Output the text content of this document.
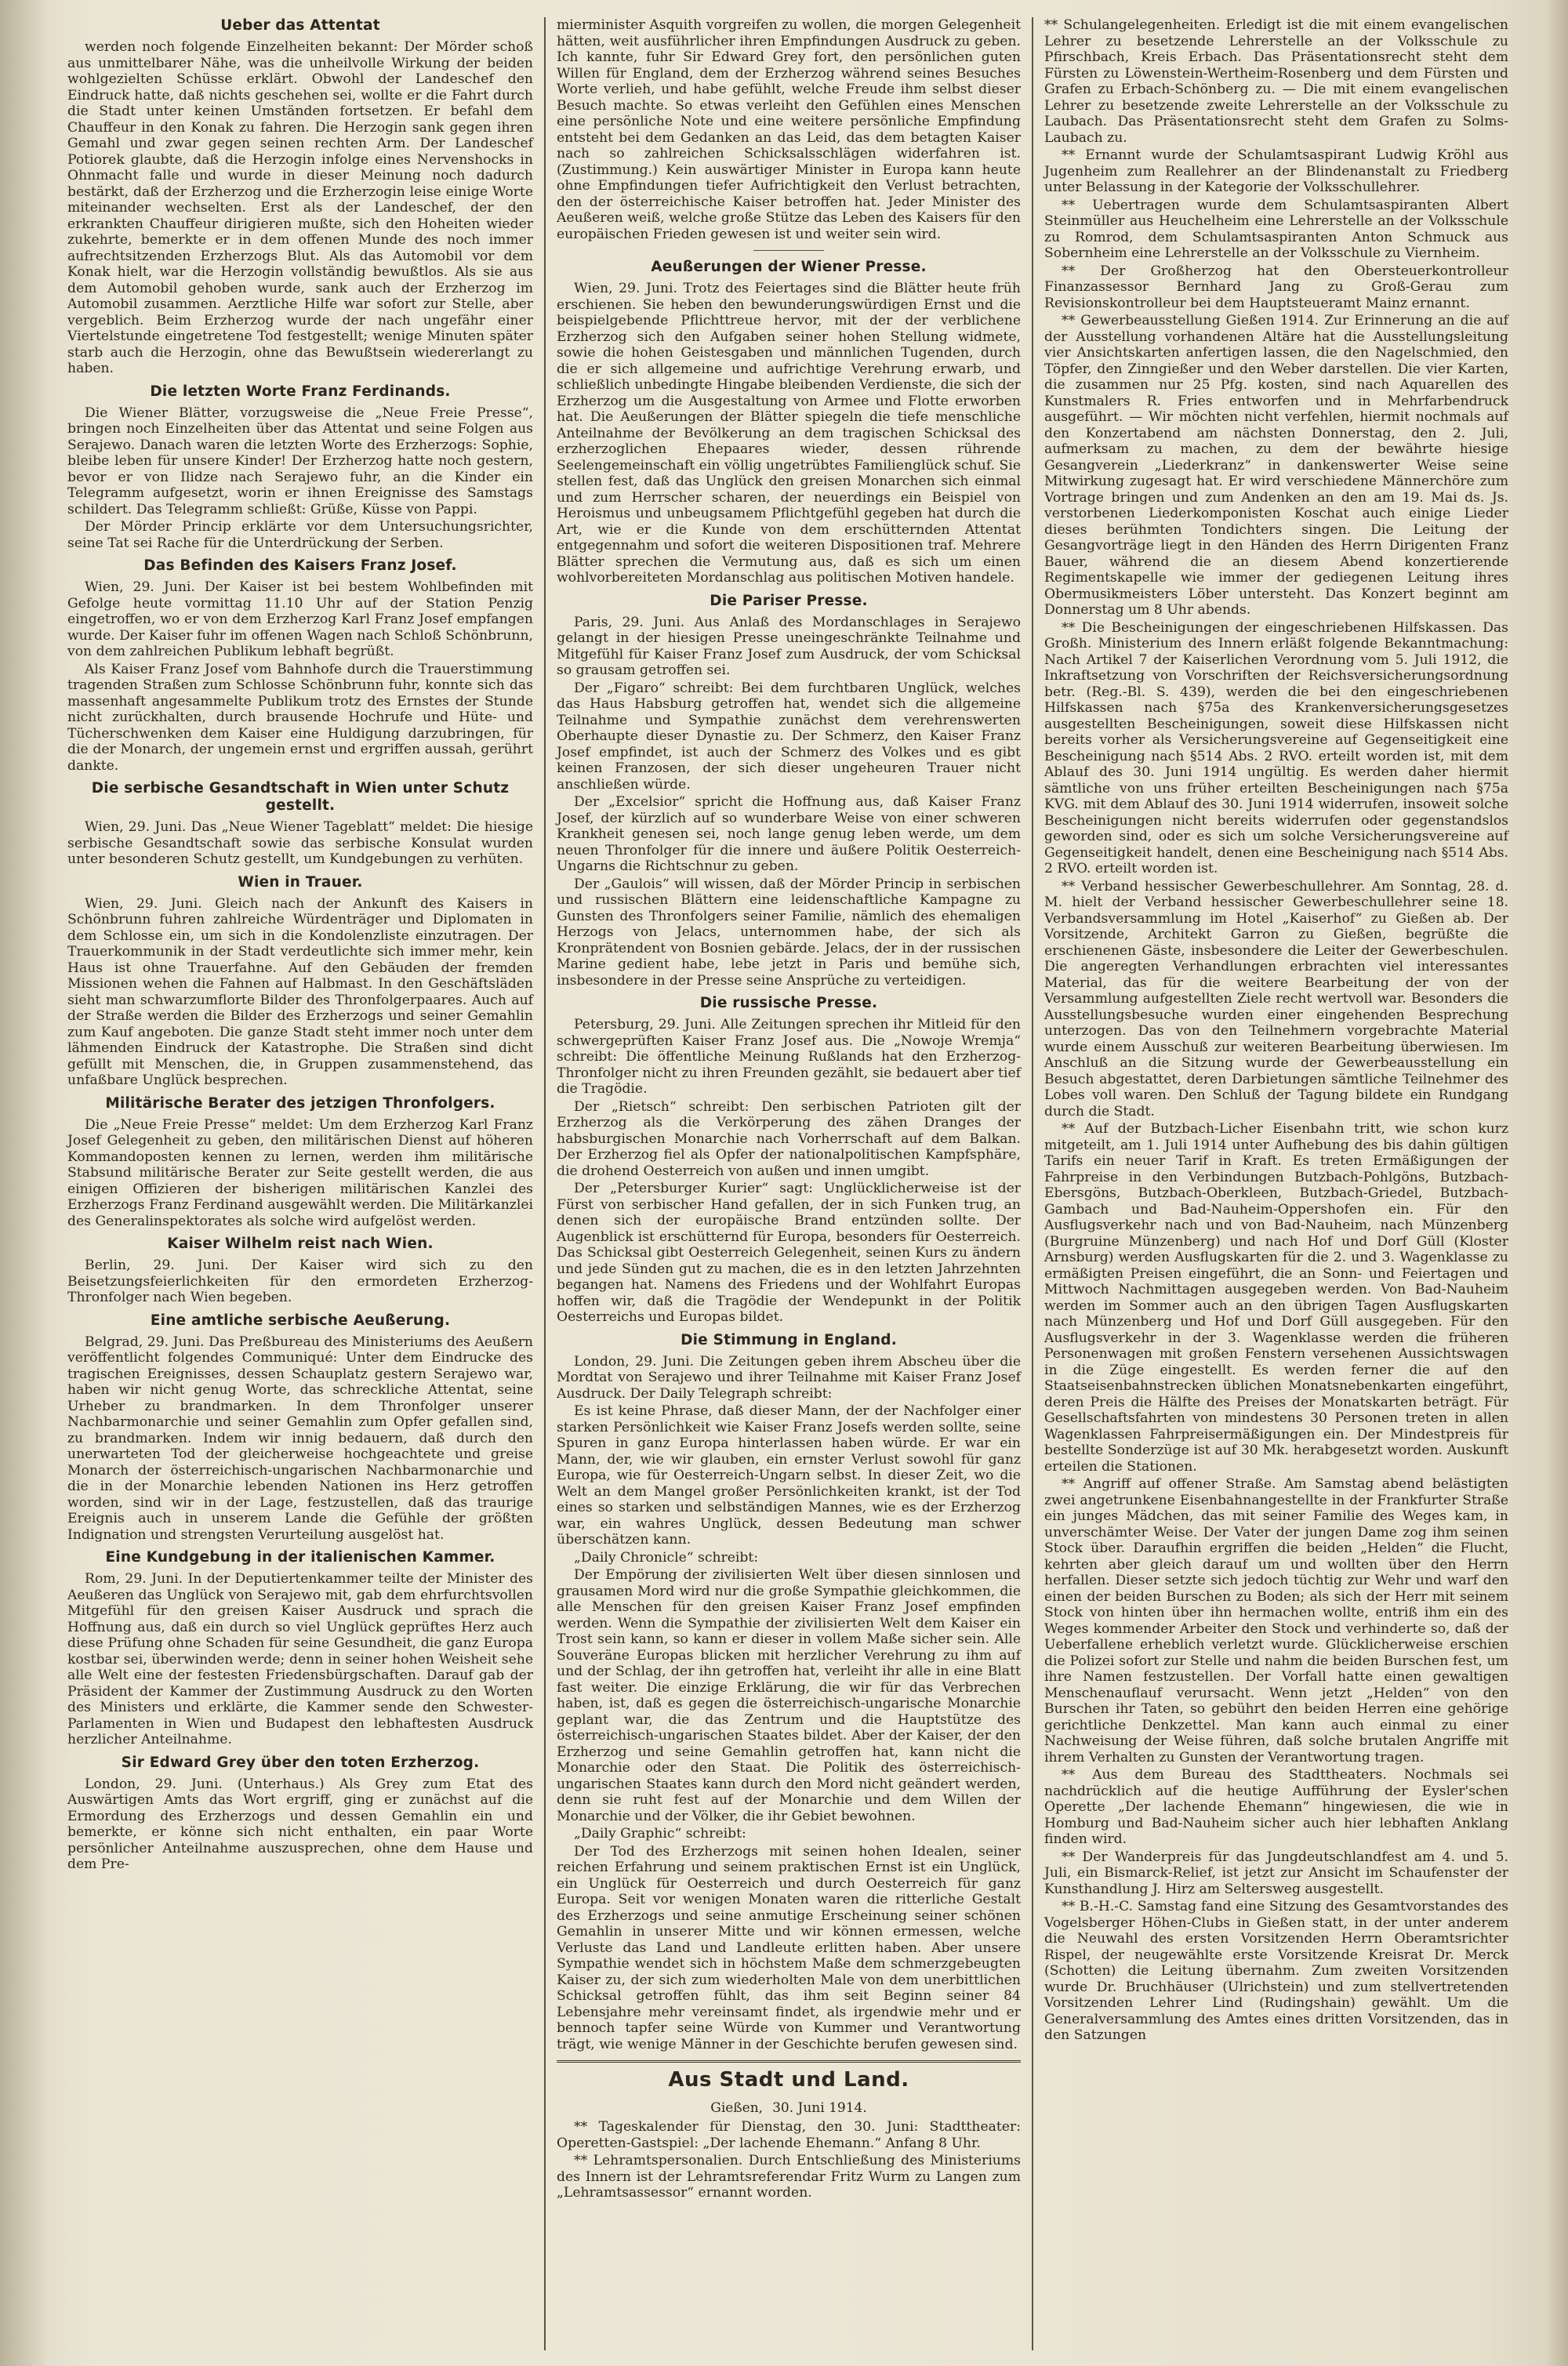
Ueber das Attentat

werden noch folgende Einzelheiten bekannt: Der Mörder schoß aus unmittelbarer Nähe, was die unheilvolle Wirkung der beiden wohlgezielten Schüsse erklärt. Obwohl der Landeschef den Eindruck hatte, daß nichts geschehen sei, wollte er die Fahrt durch die Stadt unter keinen Umständen fortsetzen. Er befahl dem Chauffeur in den Konak zu fahren. Die Herzogin sank gegen ihren Gemahl und zwar gegen seinen rechten Arm. Der Landeschef Potiorek glaubte, daß die Herzogin infolge eines Nervenshocks in Ohnmacht falle und wurde in dieser Meinung noch dadurch bestärkt, daß der Erzherzog und die Erzherzogin leise einige Worte miteinander wechselten. Erst als der Landeschef, der den erkrankten Chauffeur dirigieren mußte, sich den Hoheiten wieder zukehrte, bemerkte er in dem offenen Munde des noch immer aufrechtsitzenden Erzherzogs Blut. Als das Automobil vor dem Konak hielt, war die Herzogin vollständig bewußtlos. Als sie aus dem Automobil gehoben wurde, sank auch der Erzherzog im Automobil zusammen. Aerztliche Hilfe war sofort zur Stelle, aber vergeblich. Beim Erzherzog wurde der nach ungefähr einer Viertelstunde eingetretene Tod festgestellt; wenige Minuten später starb auch die Herzogin, ohne das Bewußtsein wiedererlangt zu haben.

Die letzten Worte Franz Ferdinands.

Die Wiener Blätter, vorzugsweise die „Neue Freie Presse“, bringen noch Einzelheiten über das Attentat und seine Folgen aus Serajewo. Danach waren die letzten Worte des Erzherzogs: Sophie, bleibe leben für unsere Kinder! Der Erzherzog hatte noch gestern, bevor er von Ilidze nach Serajewo fuhr, an die Kinder ein Telegramm aufgesetzt, worin er ihnen Ereignisse des Samstags schildert. Das Telegramm schließt: Grüße, Küsse von Pappi.

Der Mörder Princip erklärte vor dem Untersuchungsrichter, seine Tat sei Rache für die Unterdrückung der Serben.

Das Befinden des Kaisers Franz Josef.

Wien, 29. Juni. Der Kaiser ist bei bestem Wohlbefinden mit Gefolge heute vormittag 11.10 Uhr auf der Station Penzig eingetroffen, wo er von dem Erzherzog Karl Franz Josef empfangen wurde. Der Kaiser fuhr im offenen Wagen nach Schloß Schönbrunn, von dem zahlreichen Publikum lebhaft begrüßt.

Als Kaiser Franz Josef vom Bahnhofe durch die Trauerstimmung tragenden Straßen zum Schlosse Schönbrunn fuhr, konnte sich das massenhaft angesammelte Publikum trotz des Ernstes der Stunde nicht zurückhalten, durch brausende Hochrufe und Hüte- und Tücherschwenken dem Kaiser eine Huldigung darzubringen, für die der Monarch, der ungemein ernst und ergriffen aussah, gerührt dankte.

Die serbische Gesandtschaft in Wien unter Schutz gestellt.

Wien, 29. Juni. Das „Neue Wiener Tageblatt“ meldet: Die hiesige serbische Gesandtschaft sowie das serbische Konsulat wurden unter besonderen Schutz gestellt, um Kundgebungen zu verhüten.

Wien in Trauer.

Wien, 29. Juni. Gleich nach der Ankunft des Kaisers in Schönbrunn fuhren zahlreiche Würdenträger und Diplomaten in dem Schlosse ein, um sich in die Kondolenzliste einzutragen. Der Trauerkommunik in der Stadt verdeutlichte sich immer mehr, kein Haus ist ohne Trauerfahne. Auf den Gebäuden der fremden Missionen wehen die Fahnen auf Halbmast. In den Geschäftsläden sieht man schwarzumflorte Bilder des Thronfolgerpaares. Auch auf der Straße werden die Bilder des Erzherzogs und seiner Gemahlin zum Kauf angeboten. Die ganze Stadt steht immer noch unter dem lähmenden Eindruck der Katastrophe. Die Straßen sind dicht gefüllt mit Menschen, die, in Gruppen zusammenstehend, das unfaßbare Unglück besprechen.

Militärische Berater des jetzigen Thronfolgers.

Die „Neue Freie Presse“ meldet: Um dem Erzherzog Karl Franz Josef Gelegenheit zu geben, den militärischen Dienst auf höheren Kommandoposten kennen zu lernen, werden ihm militärische Stabsund militärische Berater zur Seite gestellt werden, die aus einigen Offizieren der bisherigen militärischen Kanzlei des Erzherzogs Franz Ferdinand ausgewählt werden. Die Militärkanzlei des Generalinspektorates als solche wird aufgelöst werden.

Kaiser Wilhelm reist nach Wien.

Berlin, 29. Juni. Der Kaiser wird sich zu den Beisetzungsfeierlichkeiten für den ermordeten Erzherzog-Thronfolger nach Wien begeben.

Eine amtliche serbische Aeußerung.

Belgrad, 29. Juni. Das Preßbureau des Ministeriums des Aeußern veröffentlicht folgendes Communiqué: Unter dem Eindrucke des tragischen Ereignisses, dessen Schauplatz gestern Serajewo war, haben wir nicht genug Worte, das schreckliche Attentat, seine Urheber zu brandmarken. In dem Thronfolger unserer Nachbarmonarchie und seiner Gemahlin zum Opfer gefallen sind, zu brandmarken. Indem wir innig bedauern, daß durch den unerwarteten Tod der gleicherweise hochgeachtete und greise Monarch der österreichisch-ungarischen Nachbarmonarchie und die in der Monarchie lebenden Nationen ins Herz getroffen worden, sind wir in der Lage, festzustellen, daß das traurige Ereignis auch in unserem Lande die Gefühle der größten Indignation und strengsten Verurteilung ausgelöst hat.

Eine Kundgebung in der italienischen Kammer.

Rom, 29. Juni. In der Deputiertenkammer teilte der Minister des Aeußeren das Unglück von Serajewo mit, gab dem ehrfurchtsvollen Mitgefühl für den greisen Kaiser Ausdruck und sprach die Hoffnung aus, daß ein durch so viel Unglück geprüftes Herz auch diese Prüfung ohne Schaden für seine Gesundheit, die ganz Europa kostbar sei, überwinden werde; denn in seiner hohen Weisheit sehe alle Welt eine der festesten Friedensbürgschaften. Darauf gab der Präsident der Kammer der Zustimmung Ausdruck zu den Worten des Ministers und erklärte, die Kammer sende den Schwester-Parlamenten in Wien und Budapest den lebhaftesten Ausdruck herzlicher Anteilnahme.

Sir Edward Grey über den toten Erzherzog.

London, 29. Juni. (Unterhaus.) Als Grey zum Etat des Auswärtigen Amts das Wort ergriff, ging er zunächst auf die Ermordung des Erzherzogs und dessen Gemahlin ein und bemerkte, er könne sich nicht enthalten, ein paar Worte persönlicher Anteilnahme auszusprechen, ohne dem Hause und dem Pre-

mierminister Asquith vorgreifen zu wollen, die morgen Gelegenheit hätten, weit ausführlicher ihren Empfindungen Ausdruck zu geben. Ich kannte, fuhr Sir Edward Grey fort, den persönlichen guten Willen für England, dem der Erzherzog während seines Besuches Worte verlieh, und habe gefühlt, welche Freude ihm selbst dieser Besuch machte. So etwas verleiht den Gefühlen eines Menschen eine persönliche Note und eine weitere persönliche Empfindung entsteht bei dem Gedanken an das Leid, das dem betagten Kaiser nach so zahlreichen Schicksalsschlägen widerfahren ist. (Zustimmung.) Kein auswärtiger Minister in Europa kann heute ohne Empfindungen tiefer Aufrichtigkeit den Verlust betrachten, den der österreichische Kaiser betroffen hat. Jeder Minister des Aeußeren weiß, welche große Stütze das Leben des Kaisers für den europäischen Frieden gewesen ist und weiter sein wird.

Aeußerungen der Wiener Presse.

Wien, 29. Juni. Trotz des Feiertages sind die Blätter heute früh erschienen. Sie heben den bewunderungswürdigen Ernst und die beispielgebende Pflichttreue hervor, mit der der verblichene Erzherzog sich den Aufgaben seiner hohen Stellung widmete, sowie die hohen Geistesgaben und männlichen Tugenden, durch die er sich allgemeine und aufrichtige Verehrung erwarb, und schließlich unbedingte Hingabe bleibenden Verdienste, die sich der Erzherzog um die Ausgestaltung von Armee und Flotte erworben hat. Die Aeußerungen der Blätter spiegeln die tiefe menschliche Anteilnahme der Bevölkerung an dem tragischen Schicksal des erzherzoglichen Ehepaares wieder, dessen rührende Seelengemeinschaft ein völlig ungetrübtes Familienglück schuf. Sie stellen fest, daß das Unglück den greisen Monarchen sich einmal und zum Herrscher scharen, der neuerdings ein Beispiel von Heroismus und unbeugsamem Pflichtgefühl gegeben hat durch die Art, wie er die Kunde von dem erschütternden Attentat entgegennahm und sofort die weiteren Dispositionen traf. Mehrere Blätter sprechen die Vermutung aus, daß es sich um einen wohlvorbereiteten Mordanschlag aus politischen Motiven handele.

Die Pariser Presse.

Paris, 29. Juni. Aus Anlaß des Mordanschlages in Serajewo gelangt in der hiesigen Presse uneingeschränkte Teilnahme und Mitgefühl für Kaiser Franz Josef zum Ausdruck, der vom Schicksal so grausam getroffen sei.

Der „Figaro“ schreibt: Bei dem furchtbaren Unglück, welches das Haus Habsburg getroffen hat, wendet sich die allgemeine Teilnahme und Sympathie zunächst dem verehrenswerten Oberhaupte dieser Dynastie zu. Der Schmerz, den Kaiser Franz Josef empfindet, ist auch der Schmerz des Volkes und es gibt keinen Franzosen, der sich dieser ungeheuren Trauer nicht anschließen würde.

Der „Excelsior“ spricht die Hoffnung aus, daß Kaiser Franz Josef, der kürzlich auf so wunderbare Weise von einer schweren Krankheit genesen sei, noch lange genug leben werde, um dem neuen Thronfolger für die innere und äußere Politik Oesterreich-Ungarns die Richtschnur zu geben.

Der „Gaulois“ will wissen, daß der Mörder Princip in serbischen und russischen Blättern eine leidenschaftliche Kampagne zu Gunsten des Thronfolgers seiner Familie, nämlich des ehemaligen Herzogs von Jelacs, unternommen habe, der sich als Kronprätendent von Bosnien gebärde. Jelacs, der in der russischen Marine gedient habe, lebe jetzt in Paris und bemühe sich, insbesondere in der Presse seine Ansprüche zu verteidigen.

Die russische Presse.

Petersburg, 29. Juni. Alle Zeitungen sprechen ihr Mitleid für den schwergeprüften Kaiser Franz Josef aus. Die „Nowoje Wremja“ schreibt: Die öffentliche Meinung Rußlands hat den Erzherzog-Thronfolger nicht zu ihren Freunden gezählt, sie bedauert aber tief die Tragödie.

Der „Rietsch“ schreibt: Den serbischen Patrioten gilt der Erzherzog als die Verkörperung des zähen Dranges der habsburgischen Monarchie nach Vorherrschaft auf dem Balkan. Der Erzherzog fiel als Opfer der nationalpolitischen Kampfsphäre, die drohend Oesterreich von außen und innen umgibt.

Der „Petersburger Kurier“ sagt: Unglücklicherweise ist der Fürst von serbischer Hand gefallen, der in sich Funken trug, an denen sich der europäische Brand entzünden sollte. Der Augenblick ist erschütternd für Europa, besonders für Oesterreich. Das Schicksal gibt Oesterreich Gelegenheit, seinen Kurs zu ändern und jede Sünden gut zu machen, die es in den letzten Jahrzehnten begangen hat. Namens des Friedens und der Wohlfahrt Europas hoffen wir, daß die Tragödie der Wendepunkt in der Politik Oesterreichs und Europas bildet.

Die Stimmung in England.

London, 29. Juni. Die Zeitungen geben ihrem Abscheu über die Mordtat von Serajewo und ihrer Teilnahme mit Kaiser Franz Josef Ausdruck. Der Daily Telegraph schreibt:

Es ist keine Phrase, daß dieser Mann, der der Nachfolger einer starken Persönlichkeit wie Kaiser Franz Josefs werden sollte, seine Spuren in ganz Europa hinterlassen haben würde. Er war ein Mann, der, wie wir glauben, ein ernster Verlust sowohl für ganz Europa, wie für Oesterreich-Ungarn selbst. In dieser Zeit, wo die Welt an dem Mangel großer Persönlichkeiten krankt, ist der Tod eines so starken und selbständigen Mannes, wie es der Erzherzog war, ein wahres Unglück, dessen Bedeutung man schwer überschätzen kann.

„Daily Chronicle“ schreibt:

Der Empörung der zivilisierten Welt über diesen sinnlosen und grausamen Mord wird nur die große Sympathie gleichkommen, die alle Menschen für den greisen Kaiser Franz Josef empfinden werden. Wenn die Sympathie der zivilisierten Welt dem Kaiser ein Trost sein kann, so kann er dieser in vollem Maße sicher sein. Alle Souveräne Europas blicken mit herzlicher Verehrung zu ihm auf und der Schlag, der ihn getroffen hat, verleiht ihr alle in eine Blatt fast weiter. Die einzige Erklärung, die wir für das Verbrechen haben, ist, daß es gegen die österreichisch-ungarische Monarchie geplant war, die das Zentrum und die Hauptstütze des österreichisch-ungarischen Staates bildet. Aber der Kaiser, der den Erzherzog und seine Gemahlin getroffen hat, kann nicht die Monarchie oder den Staat. Die Politik des österreichisch-ungarischen Staates kann durch den Mord nicht geändert werden, denn sie ruht fest auf der Monarchie und dem Willen der Monarchie und der Völker, die ihr Gebiet bewohnen.

„Daily Graphic“ schreibt:

Der Tod des Erzherzogs mit seinen hohen Idealen, seiner reichen Erfahrung und seinem praktischen Ernst ist ein Unglück, ein Unglück für Oesterreich und durch Oesterreich für ganz Europa. Seit vor wenigen Monaten waren die ritterliche Gestalt des Erzherzogs und seine anmutige Erscheinung seiner schönen Gemahlin in unserer Mitte und wir können ermessen, welche Verluste das Land und Landleute erlitten haben. Aber unsere Sympathie wendet sich in höchstem Maße dem schmerzgebeugten Kaiser zu, der sich zum wiederholten Male von dem unerbittlichen Schicksal getroffen fühlt, das ihm seit Beginn seiner 84 Lebensjahre mehr vereinsamt findet, als irgendwie mehr und er bennoch tapfer seine Würde von Kummer und Verantwortung trägt, wie wenige Männer in der Geschichte berufen gewesen sind.

Aus Stadt und Land.
Gießen, 30. Juni 1914.

** Tageskalender für Dienstag, den 30. Juni: Stadttheater: Operetten-Gastspiel: „Der lachende Ehemann.“ Anfang 8 Uhr.

** Lehramtspersonalien. Durch Entschließung des Ministeriums des Innern ist der Lehramtsreferendar Fritz Wurm zu Langen zum „Lehramtsassessor“ ernannt worden.

** Schulangelegenheiten. Erledigt ist die mit einem evangelischen Lehrer zu besetzende Lehrerstelle an der Volksschule zu Pfirschbach, Kreis Erbach. Das Präsentationsrecht steht dem Fürsten zu Löwenstein-Wertheim-Rosenberg und dem Fürsten und Grafen zu Erbach-Schönberg zu. — Die mit einem evangelischen Lehrer zu besetzende zweite Lehrerstelle an der Volksschule zu Laubach. Das Präsentationsrecht steht dem Grafen zu Solms-Laubach zu.

** Ernannt wurde der Schulamtsaspirant Ludwig Kröhl aus Jugenheim zum Reallehrer an der Blindenanstalt zu Friedberg unter Belassung in der Kategorie der Volksschullehrer.

** Uebertragen wurde dem Schulamtsaspiranten Albert Steinmüller aus Heuchelheim eine Lehrerstelle an der Volksschule zu Romrod, dem Schulamtsaspiranten Anton Schmuck aus Sobernheim eine Lehrerstelle an der Volksschule zu Viernheim.

** Der Großherzog hat den Obersteuerkontrolleur Finanzassessor Bernhard Jang zu Groß-Gerau zum Revisionskontrolleur bei dem Hauptsteueramt Mainz ernannt.

** Gewerbeausstellung Gießen 1914. Zur Erinnerung an die auf der Ausstellung vorhandenen Altäre hat die Ausstellungsleitung vier Ansichtskarten anfertigen lassen, die den Nagelschmied, den Töpfer, den Zinngießer und den Weber darstellen. Die vier Karten, die zusammen nur 25 Pfg. kosten, sind nach Aquarellen des Kunstmalers R. Fries entworfen und in Mehrfarbendruck ausgeführt. — Wir möchten nicht verfehlen, hiermit nochmals auf den Konzertabend am nächsten Donnerstag, den 2. Juli, aufmerksam zu machen, zu dem der bewährte hiesige Gesangverein „Liederkranz“ in dankenswerter Weise seine Mitwirkung zugesagt hat. Er wird verschiedene Männerchöre zum Vortrage bringen und zum Andenken an den am 19. Mai ds. Js. verstorbenen Liederkomponisten Koschat auch einige Lieder dieses berühmten Tondichters singen. Die Leitung der Gesangvorträge liegt in den Händen des Herrn Dirigenten Franz Bauer, während die an diesem Abend konzertierende Regimentskapelle wie immer der gediegenen Leitung ihres Obermusikmeisters Löber untersteht. Das Konzert beginnt am Donnerstag um 8 Uhr abends.

** Die Bescheinigungen der eingeschriebenen Hilfskassen. Das Großh. Ministerium des Innern erläßt folgende Bekanntmachung: Nach Artikel 7 der Kaiserlichen Verordnung vom 5. Juli 1912, die Inkraftsetzung von Vorschriften der Reichsversicherungsordnung betr. (Reg.-Bl. S. 439), werden die bei den eingeschriebenen Hilfskassen nach §75a des Krankenversicherungsgesetzes ausgestellten Bescheinigungen, soweit diese Hilfskassen nicht bereits vorher als Versicherungsvereine auf Gegenseitigkeit eine Bescheinigung nach §514 Abs. 2 RVO. erteilt worden ist, mit dem Ablauf des 30. Juni 1914 ungültig. Es werden daher hiermit sämtliche von uns früher erteilten Bescheinigungen nach §75a KVG. mit dem Ablauf des 30. Juni 1914 widerrufen, insoweit solche Bescheinigungen nicht bereits widerrufen oder gegenstandslos geworden sind, oder es sich um solche Versicherungsvereine auf Gegenseitigkeit handelt, denen eine Bescheinigung nach §514 Abs. 2 RVO. erteilt worden ist.

** Verband hessischer Gewerbeschullehrer. Am Sonntag, 28. d. M. hielt der Verband hessischer Gewerbeschullehrer seine 18. Verbandsversammlung im Hotel „Kaiserhof“ zu Gießen ab. Der Vorsitzende, Architekt Garron zu Gießen, begrüßte die erschienenen Gäste, insbesondere die Leiter der Gewerbeschulen. Die angeregten Verhandlungen erbrachten viel interessantes Material, das für die weitere Bearbeitung der von der Versammlung aufgestellten Ziele recht wertvoll war. Besonders die Ausstellungsbesuche wurden einer eingehenden Besprechung unterzogen. Das von den Teilnehmern vorgebrachte Material wurde einem Ausschuß zur weiteren Bearbeitung überwiesen. Im Anschluß an die Sitzung wurde der Gewerbeausstellung ein Besuch abgestattet, deren Darbietungen sämtliche Teilnehmer des Lobes voll waren. Den Schluß der Tagung bildete ein Rundgang durch die Stadt.

** Auf der Butzbach-Licher Eisenbahn tritt, wie schon kurz mitgeteilt, am 1. Juli 1914 unter Aufhebung des bis dahin gültigen Tarifs ein neuer Tarif in Kraft. Es treten Ermäßigungen der Fahrpreise in den Verbindungen Butzbach-Pohlgöns, Butzbach-Ebersgöns, Butzbach-Oberkleen, Butzbach-Griedel, Butzbach-Gambach und Bad-Nauheim-Oppershofen ein. Für den Ausflugsverkehr nach und von Bad-Nauheim, nach Münzenberg (Burgruine Münzenberg) und nach Hof und Dorf Güll (Kloster Arnsburg) werden Ausflugskarten für die 2. und 3. Wagenklasse zu ermäßigten Preisen eingeführt, die an Sonn- und Feiertagen und Mittwoch Nachmittagen ausgegeben werden. Von Bad-Nauheim werden im Sommer auch an den übrigen Tagen Ausflugskarten nach Münzenberg und Hof und Dorf Güll ausgegeben. Für den Ausflugsverkehr in der 3. Wagenklasse werden die früheren Personenwagen mit großen Fenstern versehenen Aussichtswagen in die Züge eingestellt. Es werden ferner die auf den Staatseisenbahnstrecken üblichen Monatsnebenkarten eingeführt, deren Preis die Hälfte des Preises der Monatskarten beträgt. Für Gesellschaftsfahrten von mindestens 30 Personen treten in allen Wagenklassen Fahrpreisermäßigungen ein. Der Mindestpreis für bestellte Sonderzüge ist auf 30 Mk. herabgesetzt worden. Auskunft erteilen die Stationen.

** Angriff auf offener Straße. Am Samstag abend belästigten zwei angetrunkene Eisenbahnangestellte in der Frankfurter Straße ein junges Mädchen, das mit seiner Familie des Weges kam, in unverschämter Weise. Der Vater der jungen Dame zog ihm seinen Stock über. Daraufhin ergriffen die beiden „Helden“ die Flucht, kehrten aber gleich darauf um und wollten über den Herrn herfallen. Dieser setzte sich jedoch tüchtig zur Wehr und warf den einen der beiden Burschen zu Boden; als sich der Herr mit seinem Stock von hinten über ihn hermachen wollte, entriß ihm ein des Weges kommender Arbeiter den Stock und verhinderte so, daß der Ueberfallene erheblich verletzt wurde. Glücklicherweise erschien die Polizei sofort zur Stelle und nahm die beiden Burschen fest, um ihre Namen festzustellen. Der Vorfall hatte einen gewaltigen Menschenauflauf verursacht. Wenn jetzt „Helden“ von den Burschen ihr Taten, so gebührt den beiden Herren eine gehörige gerichtliche Denkzettel. Man kann auch einmal zu einer Nachweisung der Weise führen, daß solche brutalen Angriffe mit ihrem Verhalten zu Gunsten der Verantwortung tragen.

** Aus dem Bureau des Stadttheaters. Nochmals sei nachdrücklich auf die heutige Aufführung der Eysler'schen Operette „Der lachende Ehemann“ hingewiesen, die wie in Homburg und Bad-Nauheim sicher auch hier lebhaften Anklang finden wird.

** Der Wanderpreis für das Jungdeutschlandfest am 4. und 5. Juli, ein Bismarck-Relief, ist jetzt zur Ansicht im Schaufenster der Kunsthandlung J. Hirz am Seltersweg ausgestellt.

** B.-H.-C. Samstag fand eine Sitzung des Gesamtvorstandes des Vogelsberger Höhen-Clubs in Gießen statt, in der unter anderem die Neuwahl des ersten Vorsitzenden Herrn Oberamtsrichter Rispel, der neugewählte erste Vorsitzende Kreisrat Dr. Merck (Schotten) die Leitung übernahm. Zum zweiten Vorsitzenden wurde Dr. Bruchhäuser (Ulrichstein) und zum stellvertretenden Vorsitzenden Lehrer Lind (Rudingshain) gewählt. Um die Generalversammlung des Amtes eines dritten Vorsitzenden, das in den Satzungen
